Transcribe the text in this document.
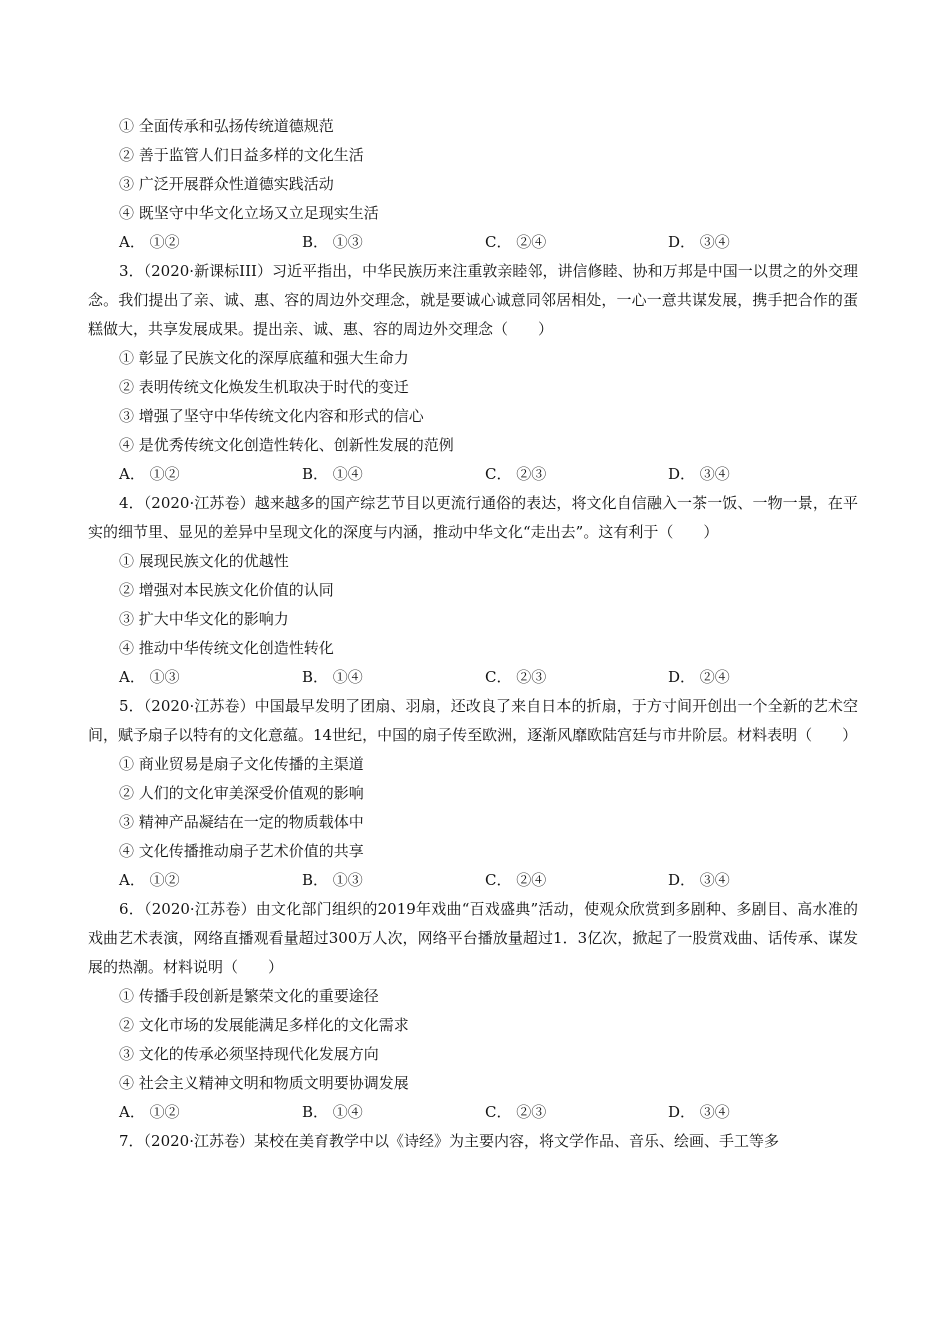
① 全面传承和弘扬传统道德规范
② 善于监管人们日益多样的文化生活
③ 广泛开展群众性道德实践活动
④ 既坚守中华文化立场又立足现实生活
A． ①②	B． ①③	C． ②④	D． ③④
3．（2020·新课标III）习近平指出，中华民族历来注重敦亲睦邻，讲信修睦、协和万邦是中国一以贯之的外交理念。我们提出了亲、诚、惠、容的周边外交理念，就是要诚心诚意同邻居相处，一心一意共谋发展，携手把合作的蛋糕做大，共享发展成果。提出亲、诚、惠、容的周边外交理念（　　）
① 彰显了民族文化的深厚底蕴和强大生命力
② 表明传统文化焕发生机取决于时代的变迁
③ 增强了坚守中华传统文化内容和形式的信心
④ 是优秀传统文化创造性转化、创新性发展的范例
A． ①②	B． ①④	C． ②③	D． ③④
4．（2020·江苏卷）越来越多的国产综艺节目以更流行通俗的表达，将文化自信融入一茶一饭、一物一景，在平实的细节里、显见的差异中呈现文化的深度与内涵，推动中华文化“走出去”。这有利于（　　）
① 展现民族文化的优越性
② 增强对本民族文化价值的认同
③ 扩大中华文化的影响力
④ 推动中华传统文化创造性转化
A． ①③	B． ①④	C． ②③	D． ②④
5．（2020·江苏卷）中国最早发明了团扇、羽扇，还改良了来自日本的折扇，于方寸间开创出一个全新的艺术空间，赋予扇子以特有的文化意蕴。14世纪，中国的扇子传至欧洲，逐渐风靡欧陆宫廷与市井阶层。材料表明（　　）
① 商业贸易是扇子文化传播的主渠道
② 人们的文化审美深受价值观的影响
③ 精神产品凝结在一定的物质载体中
④ 文化传播推动扇子艺术价值的共享
A． ①②	B． ①③	C． ②④	D． ③④
6．（2020·江苏卷）由文化部门组织的2019年戏曲“百戏盛典”活动，使观众欣赏到多剧种、多剧目、高水准的戏曲艺术表演，网络直播观看量超过300万人次，网络平台播放量超过1．3亿次，掀起了一股赏戏曲、话传承、谋发展的热潮。材料说明（　　）
① 传播手段创新是繁荣文化的重要途径
② 文化市场的发展能满足多样化的文化需求
③ 文化的传承必须坚持现代化发展方向
④ 社会主义精神文明和物质文明要协调发展
A． ①②	B． ①④	C． ②③	D． ③④
7．（2020·江苏卷）某校在美育教学中以《诗经》为主要内容，将文学作品、音乐、绘画、手工等多
